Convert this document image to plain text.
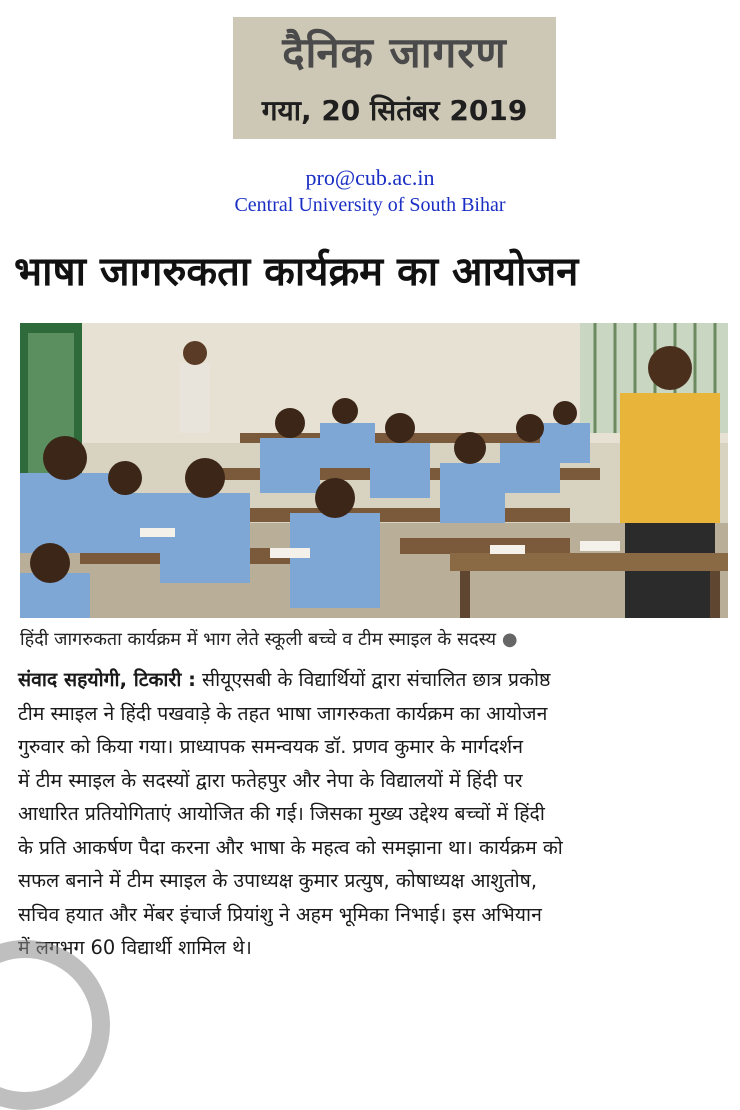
दैनिक जागरण
गया, 20 सितंबर 2019
pro@cub.ac.in
Central University of South Bihar
भाषा जागरुकता कार्यक्रम का आयोजन
हिंदी जागरुकता कार्यक्रम में भाग लेते स्कूली बच्चे व टीम स्माइल के सदस्य ●
संवाद सहयोगी, टिकारी : सीयूएसबी के विद्यार्थियों द्वारा संचालित छात्र प्रकोष्ठ
टीम स्माइल ने हिंदी पखवाड़े के तहत भाषा जागरुकता कार्यक्रम का आयोजन
गुरुवार को किया गया। प्राध्यापक समन्वयक डॉ. प्रणव कुमार के मार्गदर्शन
में टीम स्माइल के सदस्यों द्वारा फतेहपुर और नेपा के विद्यालयों में हिंदी पर
आधारित प्रतियोगिताएं आयोजित की गई। जिसका मुख्य उद्देश्य बच्चों में हिंदी
के प्रति आकर्षण पैदा करना और भाषा के महत्व को समझाना था। कार्यक्रम को
सफल बनाने में टीम स्माइल के उपाध्यक्ष कुमार प्रत्युष, कोषाध्यक्ष आशुतोष,
सचिव हयात और मेंबर इंचार्ज प्रियांशु ने अहम भूमिका निभाई। इस अभियान
में लगभग 60 विद्यार्थी शामिल थे।
